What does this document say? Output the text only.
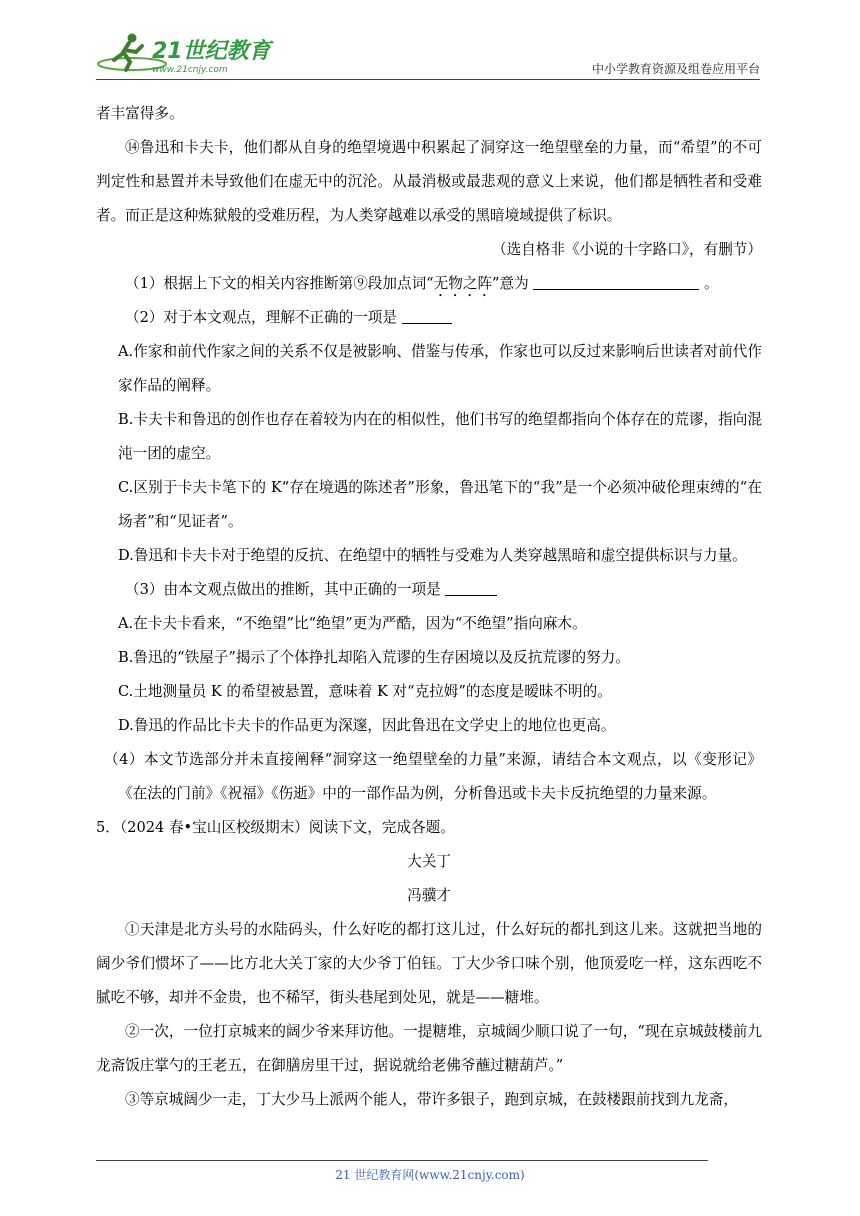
21世纪教育
www.21cnjy.com	中小学教育资源及组卷应用平台

者丰富得多。

⑭鲁迅和卡夫卡，他们都从自身的绝望境遇中积累起了洞穿这一绝望壁垒的力量，而“希望”的不可判定性和悬置并未导致他们在虚无中的沉沦。从最消极或最悲观的意义上来说，他们都是牺牲者和受难者。而正是这种炼狱般的受难历程，为人类穿越难以承受的黑暗境域提供了标识。

（选自格非《小说的十字路口》，有删节）

（1）根据上下文的相关内容推断第⑨段加点词“无物之阵”意为	。

（2）对于本文观点，理解不正确的一项是

A.作家和前代作家之间的关系不仅是被影响、借鉴与传承，作家也可以反过来影响后世读者对前代作家作品的阐释。

B.卡夫卡和鲁迅的创作也存在着较为内在的相似性，他们书写的绝望都指向个体存在的荒谬，指向混沌一团的虚空。

C.区别于卡夫卡笔下的 K“存在境遇的陈述者”形象，鲁迅笔下的“我”是一个必须冲破伦理束缚的“在场者”和“见证者”。

D.鲁迅和卡夫卡对于绝望的反抗、在绝望中的牺牲与受难为人类穿越黑暗和虚空提供标识与力量。

（3）由本文观点做出的推断，其中正确的一项是

A.在卡夫卡看来，“不绝望”比“绝望”更为严酷，因为“不绝望”指向麻木。

B.鲁迅的“铁屋子”揭示了个体挣扎却陷入荒谬的生存困境以及反抗荒谬的努力。

C.土地测量员 K 的希望被悬置，意味着 K 对“克拉姆”的态度是暧昧不明的。

D.鲁迅的作品比卡夫卡的作品更为深邃，因此鲁迅在文学史上的地位也更高。

（4）本文节选部分并未直接阐释“洞穿这一绝望壁垒的力量”来源，请结合本文观点，以《变形记》《在法的门前》《祝福》《伤逝》中的一部作品为例，分析鲁迅或卡夫卡反抗绝望的力量来源。

5．（2024 春•宝山区校级期末）阅读下文，完成各题。

大关丁

冯骥才

①天津是北方头号的水陆码头，什么好吃的都打这儿过，什么好玩的都扎到这儿来。这就把当地的阔少爷们惯坏了——比方北大关丁家的大少爷丁伯钰。丁大少爷口味个别，他顶爱吃一样，这东西吃不腻吃不够，却并不金贵，也不稀罕，街头巷尾到处见，就是——糖堆。

②一次，一位打京城来的阔少爷来拜访他。一提糖堆，京城阔少顺口说了一句，“现在京城鼓楼前九龙斋饭庄掌勺的王老五，在御膳房里干过，据说就给老佛爷蘸过糖葫芦。”

③等京城阔少一走，丁大少马上派两个能人，带许多银子，跑到京城，在鼓楼跟前找到九龙斋，

21 世纪教育网(www.21cnjy.com)
